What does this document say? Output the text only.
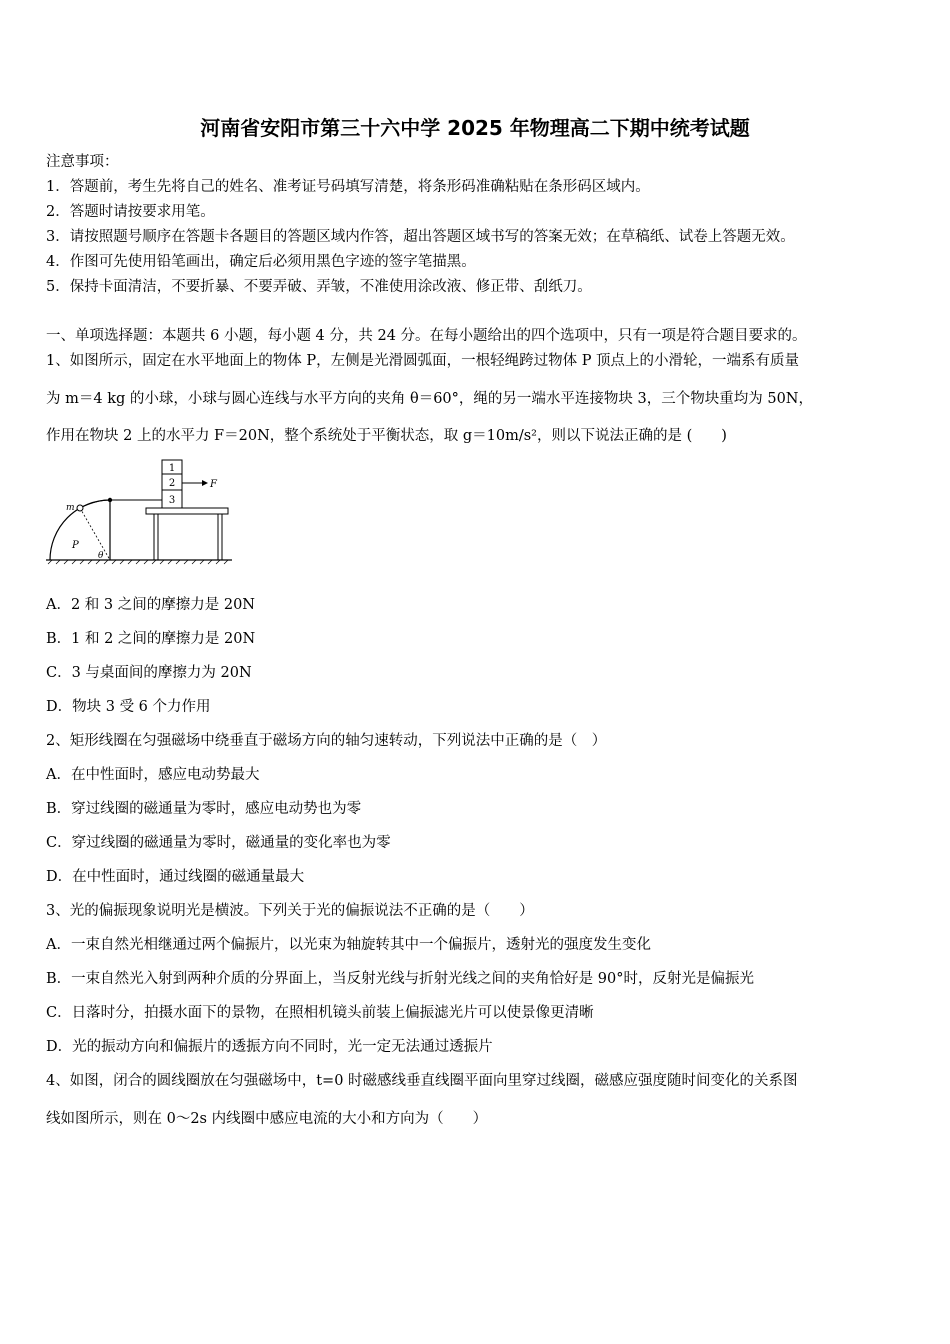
河南省安阳市第三十六中学 2025 年物理高二下期中统考试题
注意事项：
1．答题前，考生先将自己的姓名、准考证号码填写清楚，将条形码准确粘贴在条形码区域内。
2．答题时请按要求用笔。
3．请按照题号顺序在答题卡各题目的答题区域内作答，超出答题区域书写的答案无效；在草稿纸、试卷上答题无效。
4．作图可先使用铅笔画出，确定后必须用黑色字迹的签字笔描黑。
5．保持卡面清洁，不要折暴、不要弄破、弄皱，不准使用涂改液、修正带、刮纸刀。
一、单项选择题：本题共 6 小题，每小题 4 分，共 24 分。在每小题给出的四个选项中，只有一项是符合题目要求的。
1、如图所示，固定在水平地面上的物体 P，左侧是光滑圆弧面，一根轻绳跨过物体 P 顶点上的小滑轮，一端系有质量
为 m＝4 kg 的小球，小球与圆心连线与水平方向的夹角 θ＝60°，绳的另一端水平连接物块 3，三个物块重均为 50N，
作用在物块 2 上的水平力 F＝20N，整个系统处于平衡状态，取 g＝10m/s²，则以下说法正确的是 (　　)
1
2
3
F
m
P
θ
A．2 和 3 之间的摩擦力是 20N
B．1 和 2 之间的摩擦力是 20N
C．3 与桌面间的摩擦力为 20N
D．物块 3 受 6 个力作用
2、矩形线圈在匀强磁场中绕垂直于磁场方向的轴匀速转动，下列说法中正确的是（　）
A．在中性面时，感应电动势最大
B．穿过线圈的磁通量为零时，感应电动势也为零
C．穿过线圈的磁通量为零时，磁通量的变化率也为零
D．在中性面时，通过线圈的磁通量最大
3、光的偏振现象说明光是横波。下列关于光的偏振说法不正确的是（　　）
A．一束自然光相继通过两个偏振片，以光束为轴旋转其中一个偏振片，透射光的强度发生变化
B．一束自然光入射到两种介质的分界面上，当反射光线与折射光线之间的夹角恰好是 90°时，反射光是偏振光
C．日落时分，拍摄水面下的景物，在照相机镜头前装上偏振滤光片可以使景像更清晰
D．光的振动方向和偏振片的透振方向不同时，光一定无法通过透振片
4、如图，闭合的圆线圈放在匀强磁场中，t=0 时磁感线垂直线圈平面向里穿过线圈，磁感应强度随时间变化的关系图
线如图所示，则在 0～2s 内线圈中感应电流的大小和方向为（　　）
